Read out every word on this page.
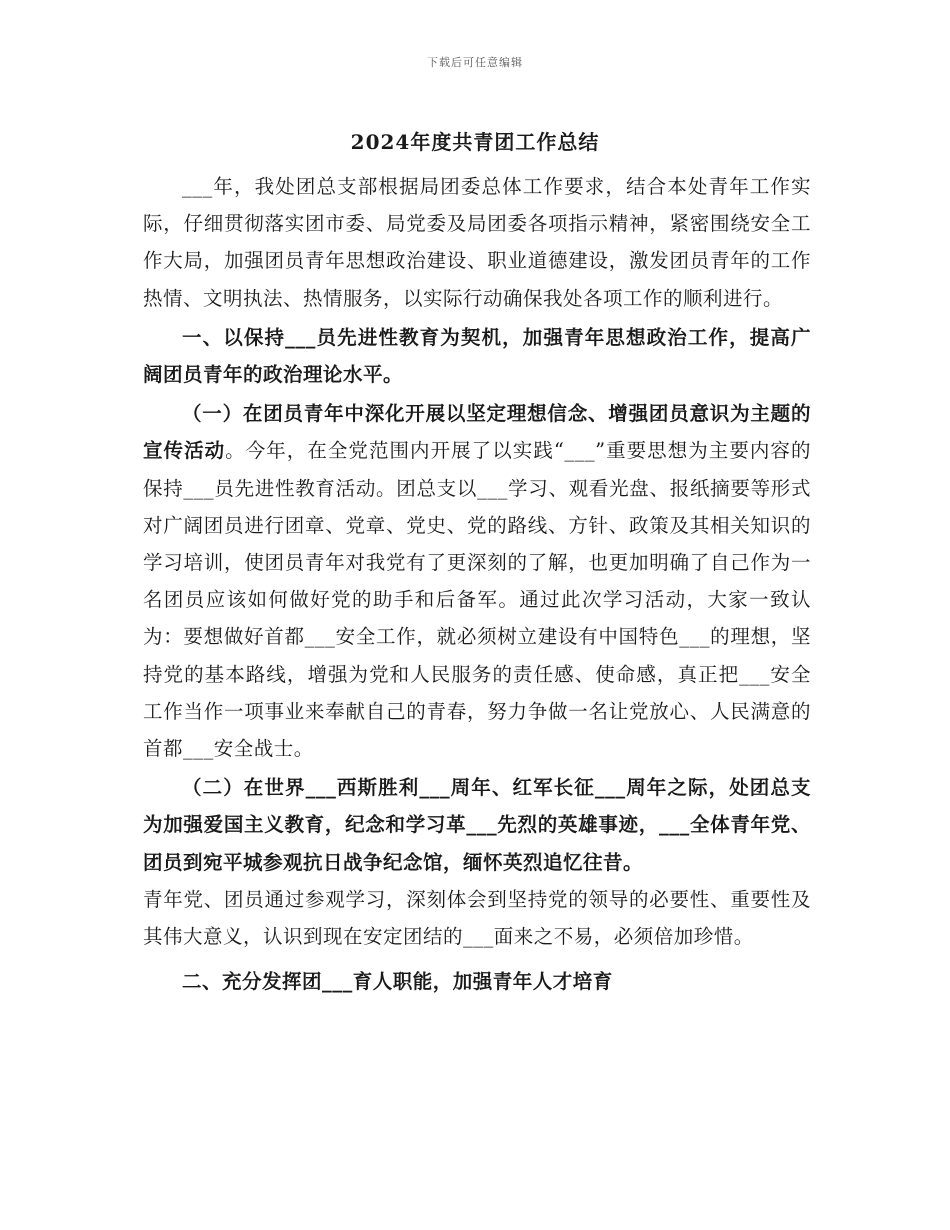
下载后可任意编辑
2024年度共青团工作总结

___年，我处团总支部根据局团委总体工作要求，结合本处青年工作实际，仔细贯彻落实团市委、局党委及局团委各项指示精神，紧密围绕安全工作大局，加强团员青年思想政治建设、职业道德建设，激发团员青年的工作热情、文明执法、热情服务，以实际行动确保我处各项工作的顺利进行。

一、以保持___员先进性教育为契机，加强青年思想政治工作，提高广阔团员青年的政治理论水平。

（一）在团员青年中深化开展以坚定理想信念、增强团员意识为主题的宣传活动。今年，在全党范围内开展了以实践“___”重要思想为主要内容的保持___员先进性教育活动。团总支以___学习、观看光盘、报纸摘要等形式对广阔团员进行团章、党章、党史、党的路线、方针、政策及其相关知识的学习培训，使团员青年对我党有了更深刻的了解，也更加明确了自己作为一名团员应该如何做好党的助手和后备军。通过此次学习活动，大家一致认为：要想做好首都___安全工作，就必须树立建设有中国特色___的理想，坚持党的基本路线，增强为党和人民服务的责任感、使命感，真正把___安全工作当作一项事业来奉献自己的青春，努力争做一名让党放心、人民满意的首都___安全战士。

（二）在世界___西斯胜利___周年、红军长征___周年之际，处团总支为加强爱国主义教育，纪念和学习革___先烈的英雄事迹，___全体青年党、团员到宛平城参观抗日战争纪念馆，缅怀英烈追忆往昔。

青年党、团员通过参观学习，深刻体会到坚持党的领导的必要性、重要性及其伟大意义，认识到现在安定团结的___面来之不易，必须倍加珍惜。

二、充分发挥团___育人职能，加强青年人才培育
